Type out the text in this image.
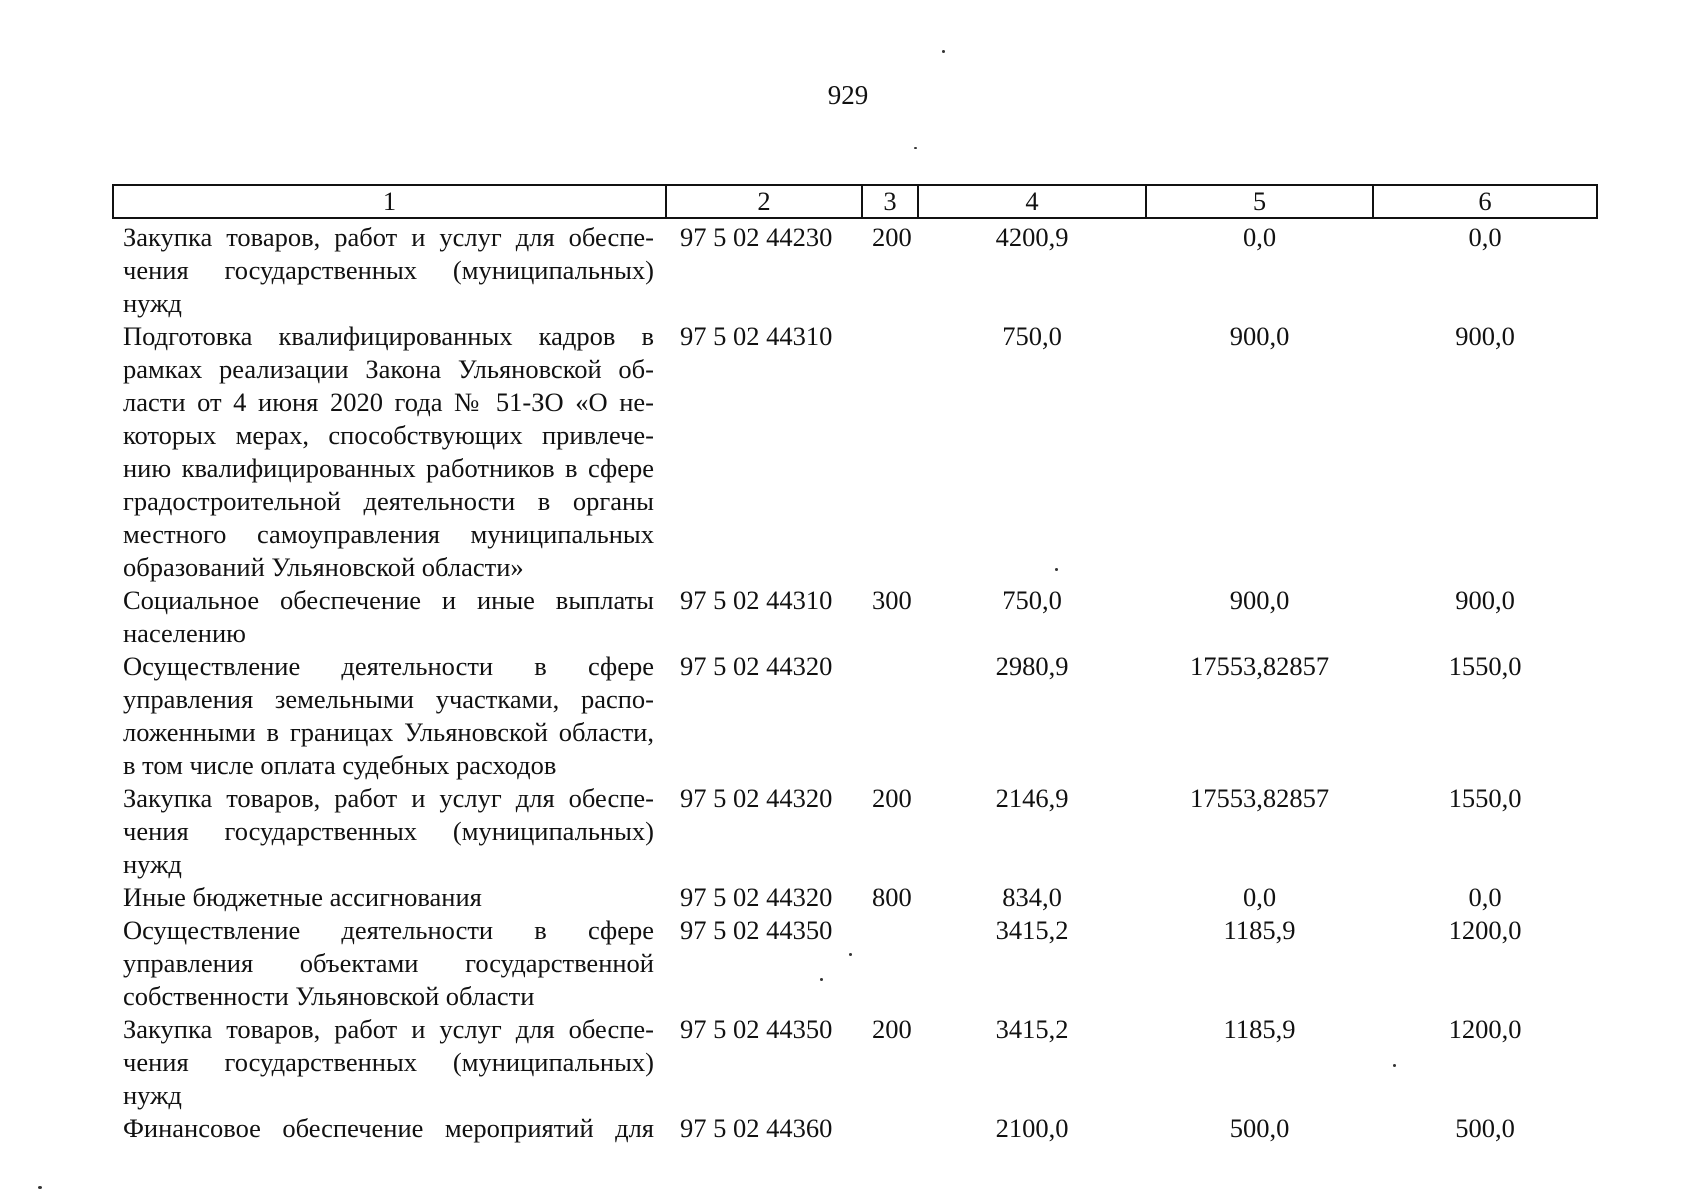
929
1	2	3	4	5	6
Закупка товаров, работ и услуг для обеспечения государственных (муниципальных) нужд	97 5 02 44230	200	4200,9	0,0	0,0
Подготовка квалифицированных кадров в рамках реализации Закона Ульяновской области от 4 июня 2020 года № 51-ЗО «О некоторых мерах, способствующих привлечению квалифицированных работников в сфере градостроительной деятельности в органы местного самоуправления муниципальных образований Ульяновской области»	97 5 02 44310		750,0	900,0	900,0
Социальное обеспечение и иные выплаты населению	97 5 02 44310	300	750,0	900,0	900,0
Осуществление деятельности в сфере управления земельными участками, расположенными в границах Ульяновской области, в том числе оплата судебных расходов	97 5 02 44320		2980,9	17553,82857	1550,0
Закупка товаров, работ и услуг для обеспечения государственных (муниципальных) нужд	97 5 02 44320	200	2146,9	17553,82857	1550,0
Иные бюджетные ассигнования	97 5 02 44320	800	834,0	0,0	0,0
Осуществление деятельности в сфере управления объектами государственной собственности Ульяновской области	97 5 02 44350		3415,2	1185,9	1200,0
Закупка товаров, работ и услуг для обеспечения государственных (муниципальных) нужд	97 5 02 44350	200	3415,2	1185,9	1200,0
Финансовое обеспечение мероприятий для	97 5 02 44360		2100,0	500,0	500,0
